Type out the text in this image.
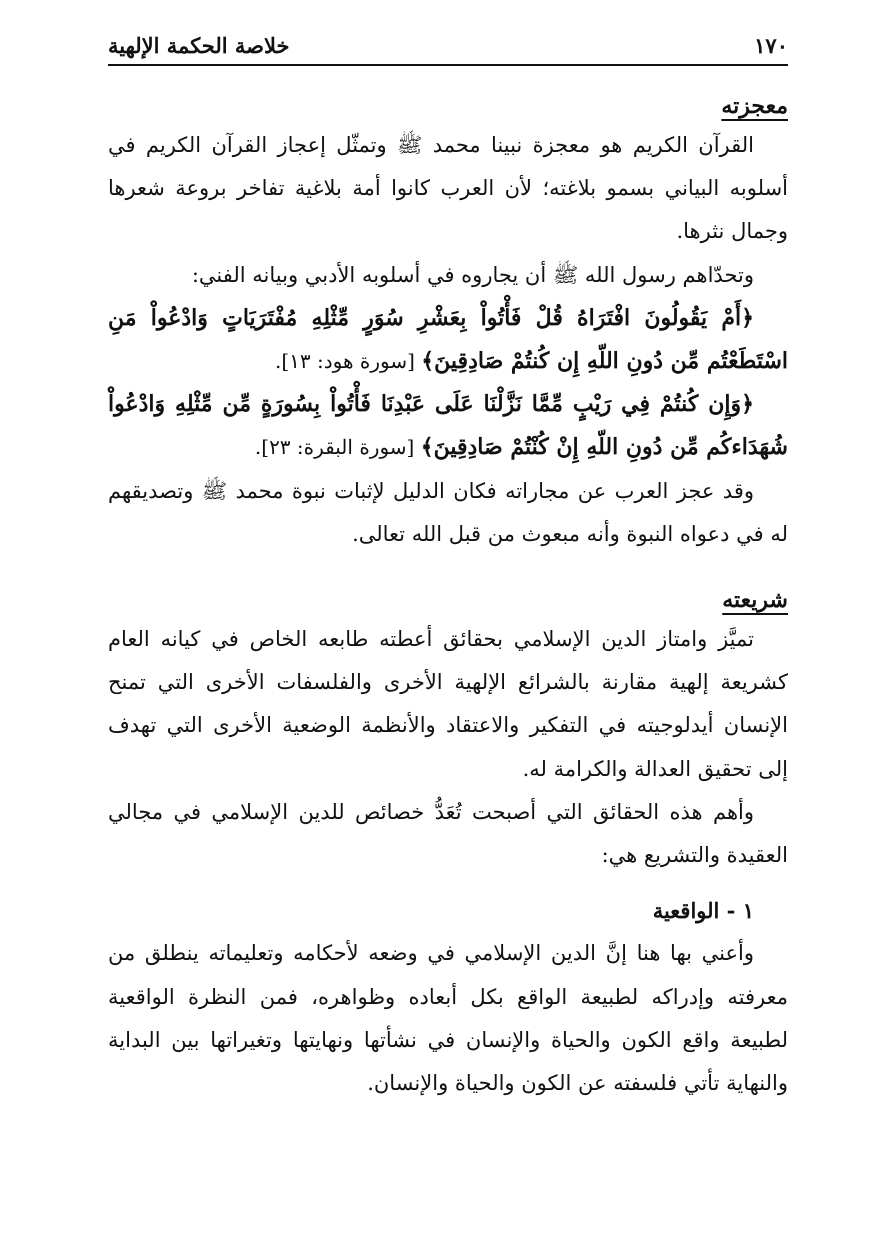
١٧٠
..... خلاصة الحكمة الإلهية
معجزته

القرآن الكريم هو معجزة نبينا محمد ﷺ وتمثّل إعجاز القرآن الكريم في أسلوبه البياني بسمو بلاغته؛ لأن العرب كانوا أمة بلاغية تفاخر بروعة شعرها وجمال نثرها.

وتحدّاهم رسول الله ﷺ أن يجاروه في أسلوبه الأدبي وبيانه الفني:

﴿أَمْ يَقُولُونَ افْتَرَاهُ قُلْ فَأْتُواْ بِعَشْرِ سُوَرٍ مِّثْلِهِ مُفْتَرَيَاتٍ وَادْعُواْ مَنِ اسْتَطَعْتُم مِّن دُونِ اللّهِ إِن كُنتُمْ صَادِقِينَ﴾ [سورة هود: ١٣].

﴿وَإِن كُنتُمْ فِي رَيْبٍ مِّمَّا نَزَّلْنَا عَلَى عَبْدِنَا فَأْتُواْ بِسُورَةٍ مِّن مِّثْلِهِ وَادْعُواْ شُهَدَاءكُم مِّن دُونِ اللّهِ إِنْ كُنْتُمْ صَادِقِينَ﴾ [سورة البقرة: ٢٣].

وقد عجز العرب عن مجاراته فكان الدليل لإثبات نبوة محمد ﷺ وتصديقهم له في دعواه النبوة وأنه مبعوث من قبل الله تعالى.

شريعته

تميَّز وامتاز الدين الإسلامي بحقائق أعطته طابعه الخاص في كيانه العام كشريعة إلهية مقارنة بالشرائع الإلهية الأخرى والفلسفات الأخرى التي تمنح الإنسان أيدلوجيته في التفكير والاعتقاد والأنظمة الوضعية الأخرى التي تهدف إلى تحقيق العدالة والكرامة له.

وأهم هذه الحقائق التي أصبحت تُعَدُّ خصائص للدين الإسلامي في مجالي العقيدة والتشريع هي:

١ - الواقعية

وأعني بها هنا إنَّ الدين الإسلامي في وضعه لأحكامه وتعليماته ينطلق من معرفته وإدراكه لطبيعة الواقع بكل أبعاده وظواهره، فمن النظرة الواقعية لطبيعة واقع الكون والحياة والإنسان في نشأتها ونهايتها وتغيراتها بين البداية والنهاية تأتي فلسفته عن الكون والحياة والإنسان.
